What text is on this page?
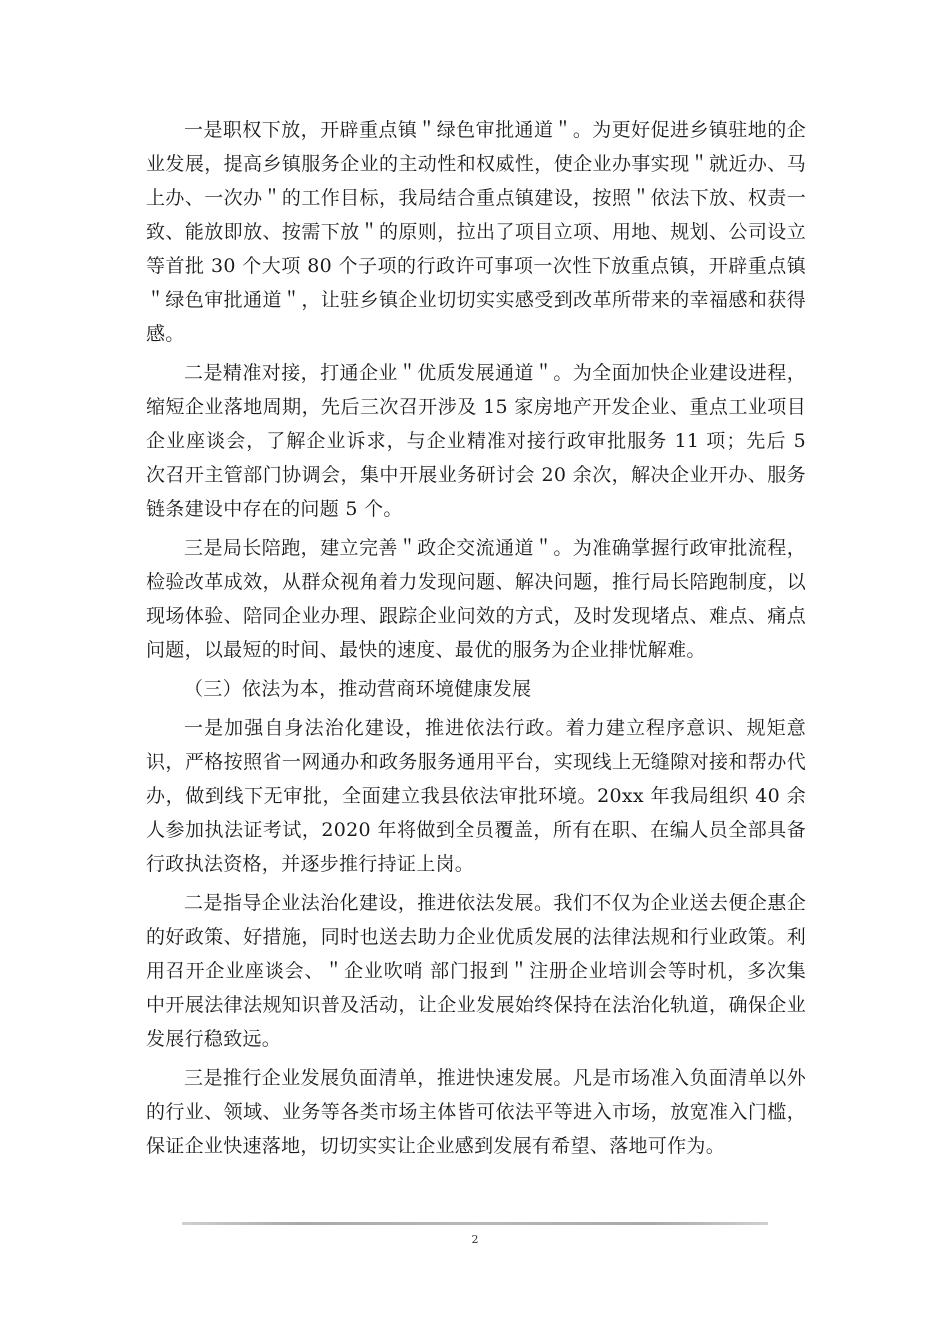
一是职权下放，开辟重点镇＂绿色审批通道＂。为更好促进乡镇驻地的企业发展，提高乡镇服务企业的主动性和权威性，使企业办事实现＂就近办、马上办、一次办＂的工作目标，我局结合重点镇建设，按照＂依法下放、权责一致、能放即放、按需下放＂的原则，拉出了项目立项、用地、规划、公司设立等首批 30 个大项 80 个子项的行政许可事项一次性下放重点镇，开辟重点镇＂绿色审批通道＂，让驻乡镇企业切切实实感受到改革所带来的幸福感和获得感。

二是精准对接，打通企业＂优质发展通道＂。为全面加快企业建设进程，缩短企业落地周期，先后三次召开涉及 15 家房地产开发企业、重点工业项目企业座谈会，了解企业诉求，与企业精准对接行政审批服务 11 项；先后 5 次召开主管部门协调会，集中开展业务研讨会 20 余次，解决企业开办、服务链条建设中存在的问题 5 个。

三是局长陪跑，建立完善＂政企交流通道＂。为准确掌握行政审批流程，检验改革成效，从群众视角着力发现问题、解决问题，推行局长陪跑制度，以现场体验、陪同企业办理、跟踪企业问效的方式，及时发现堵点、难点、痛点问题，以最短的时间、最快的速度、最优的服务为企业排忧解难。

（三）依法为本，推动营商环境健康发展

一是加强自身法治化建设，推进依法行政。着力建立程序意识、规矩意识，严格按照省一网通办和政务服务通用平台，实现线上无缝隙对接和帮办代办，做到线下无审批，全面建立我县依法审批环境。20xx 年我局组织 40 余人参加执法证考试，2020 年将做到全员覆盖，所有在职、在编人员全部具备行政执法资格，并逐步推行持证上岗。

二是指导企业法治化建设，推进依法发展。我们不仅为企业送去便企惠企的好政策、好措施，同时也送去助力企业优质发展的法律法规和行业政策。利用召开企业座谈会、＂企业吹哨 部门报到＂注册企业培训会等时机，多次集中开展法律法规知识普及活动，让企业发展始终保持在法治化轨道，确保企业发展行稳致远。

三是推行企业发展负面清单，推进快速发展。凡是市场准入负面清单以外的行业、领域、业务等各类市场主体皆可依法平等进入市场，放宽准入门槛，保证企业快速落地，切切实实让企业感到发展有希望、落地可作为。

2
